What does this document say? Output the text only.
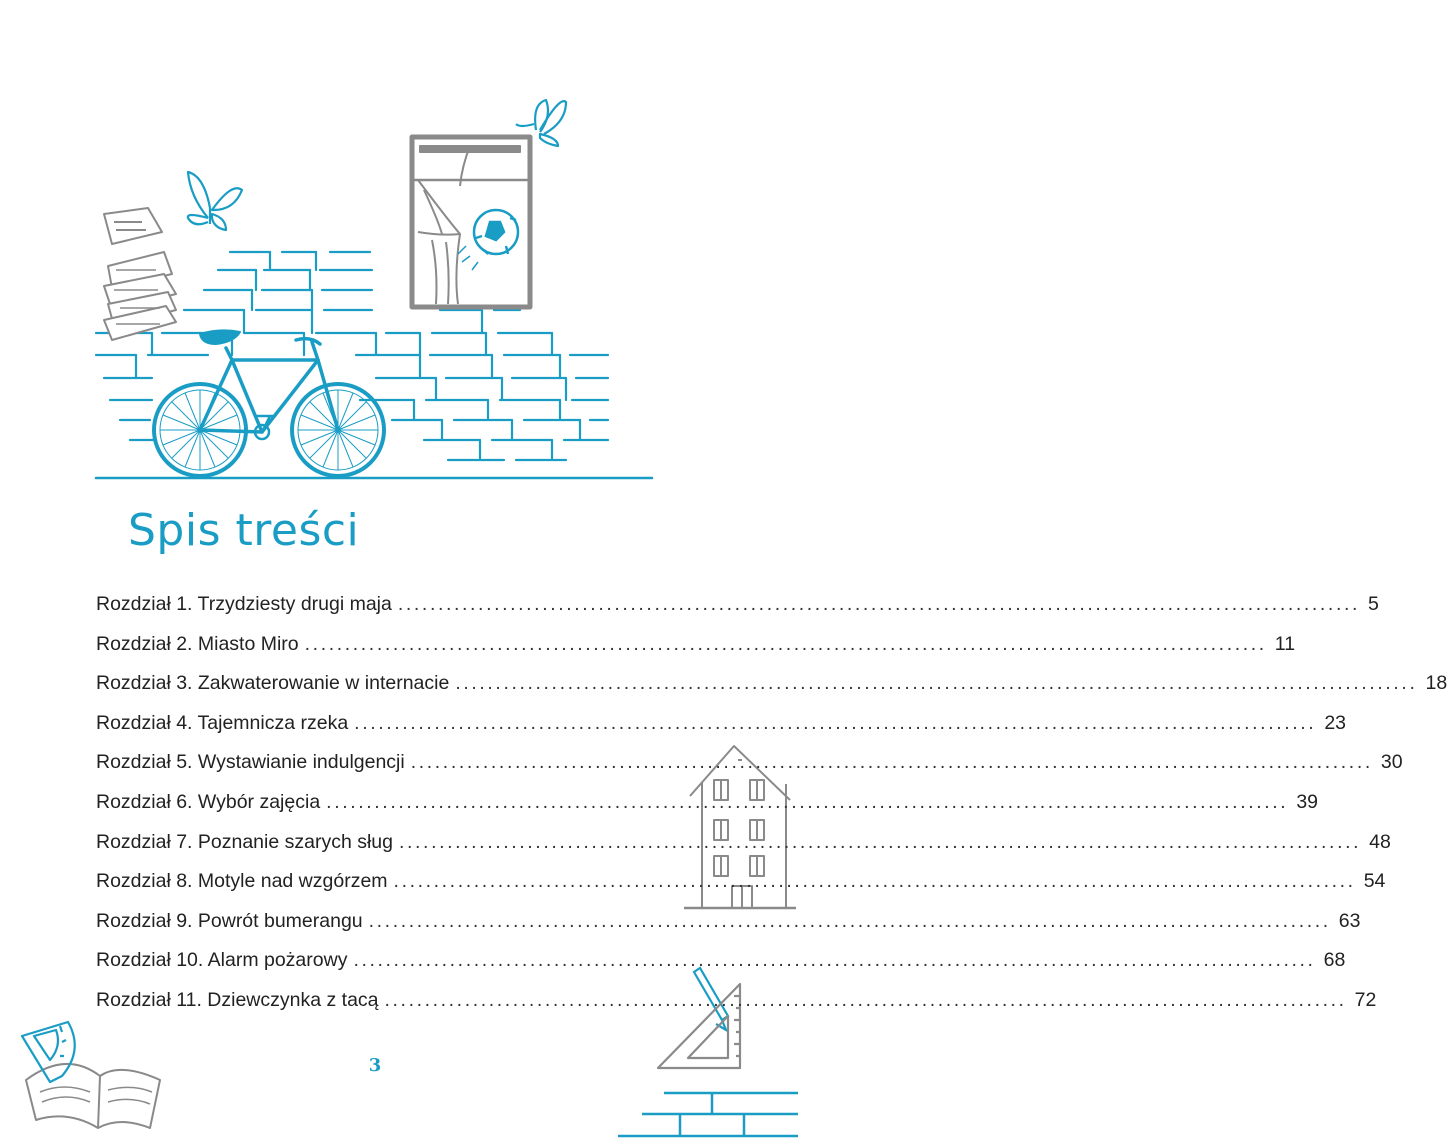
Spis treści
Rozdział 1. Trzydziesty drugi maja ........................................................................................................................ 5
Rozdział 2. Miasto Miro ........................................................................................................................ 11
Rozdział 3. Zakwaterowanie w internacie ........................................................................................................................ 18
Rozdział 4. Tajemnicza rzeka ........................................................................................................................ 23
Rozdział 5. Wystawianie indulgencji ........................................................................................................................ 30
Rozdział 6. Wybór zajęcia ........................................................................................................................ 39
Rozdział 7. Poznanie szarych sług ........................................................................................................................ 48
Rozdział 8. Motyle nad wzgórzem ........................................................................................................................ 54
Rozdział 9. Powrót bumerangu ........................................................................................................................ 63
Rozdział 10. Alarm pożarowy ........................................................................................................................ 68
Rozdział 11. Dziewczynka z tacą ........................................................................................................................ 72
3
